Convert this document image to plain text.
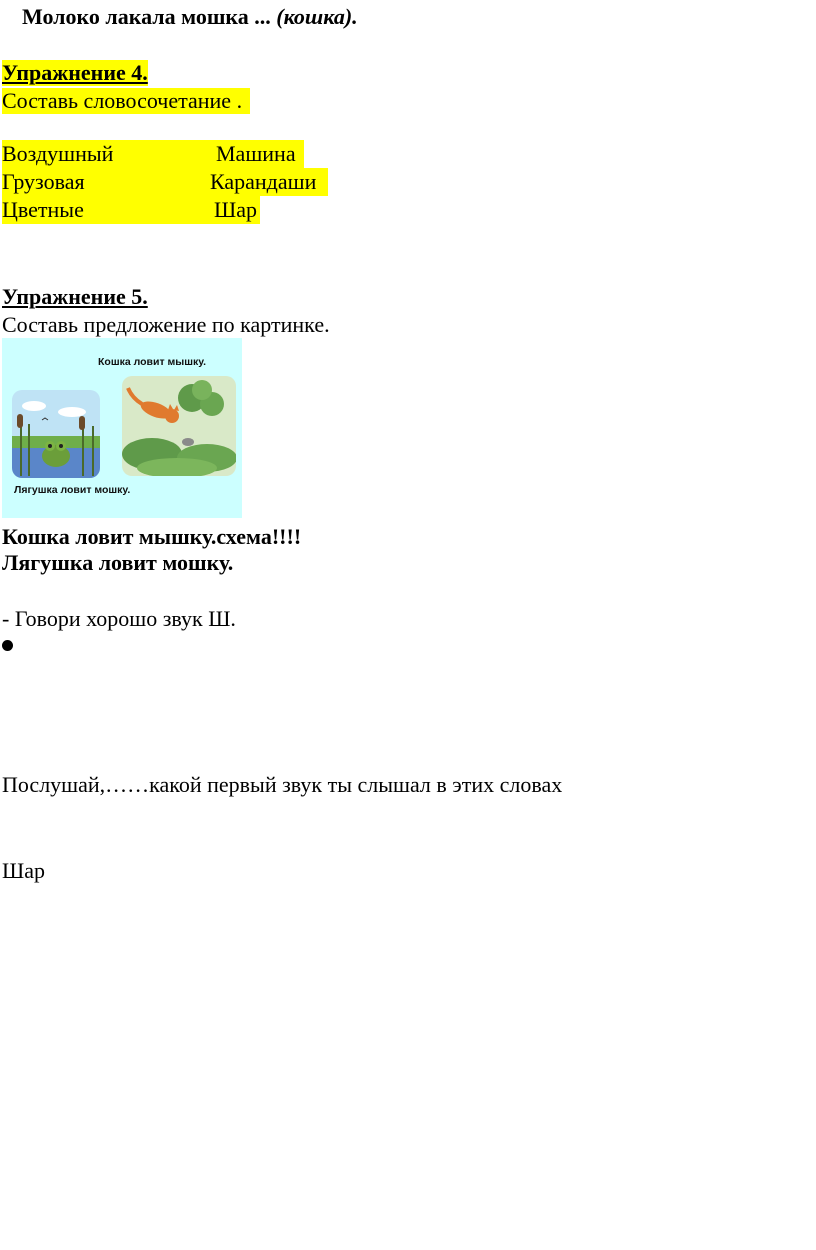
Молоко лакала мошка ... (кошка).
Упражнение 4.
Составь словосочетание .
Воздушный	Машина
Грузовая	Карандаши
Цветные	Шар
Упражнение 5.
Составь предложение по картинке.
Кошка ловит мышку.
Лягушка ловит мошку.
Кошка ловит мышку.схема!!!!
Лягушка ловит мошку.
- Говори хорошо звук Ш.
Послушай,……какой первый звук ты слышал в этих словах
Шар
